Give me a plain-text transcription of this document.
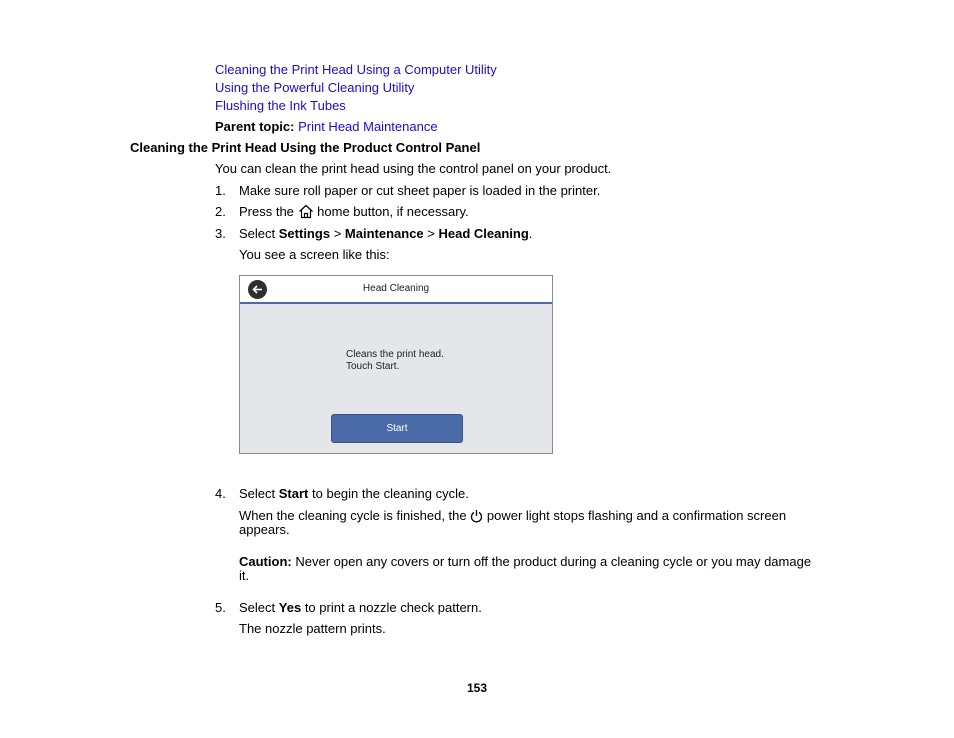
Cleaning the Print Head Using a Computer Utility
Using the Powerful Cleaning Utility
Flushing the Ink Tubes
Parent topic: Print Head Maintenance
Cleaning the Print Head Using the Product Control Panel
You can clean the print head using the control panel on your product.
1. Make sure roll paper or cut sheet paper is loaded in the printer.
2. Press the home button, if necessary.
3. Select Settings > Maintenance > Head Cleaning.
You see a screen like this:
Head Cleaning
Cleans the print head.
Touch Start.
Start
4. Select Start to begin the cleaning cycle.
When the cleaning cycle is finished, the power light stops flashing and a confirmation screen
appears.
Caution: Never open any covers or turn off the product during a cleaning cycle or you may damage
it.
5. Select Yes to print a nozzle check pattern.
The nozzle pattern prints.
153
